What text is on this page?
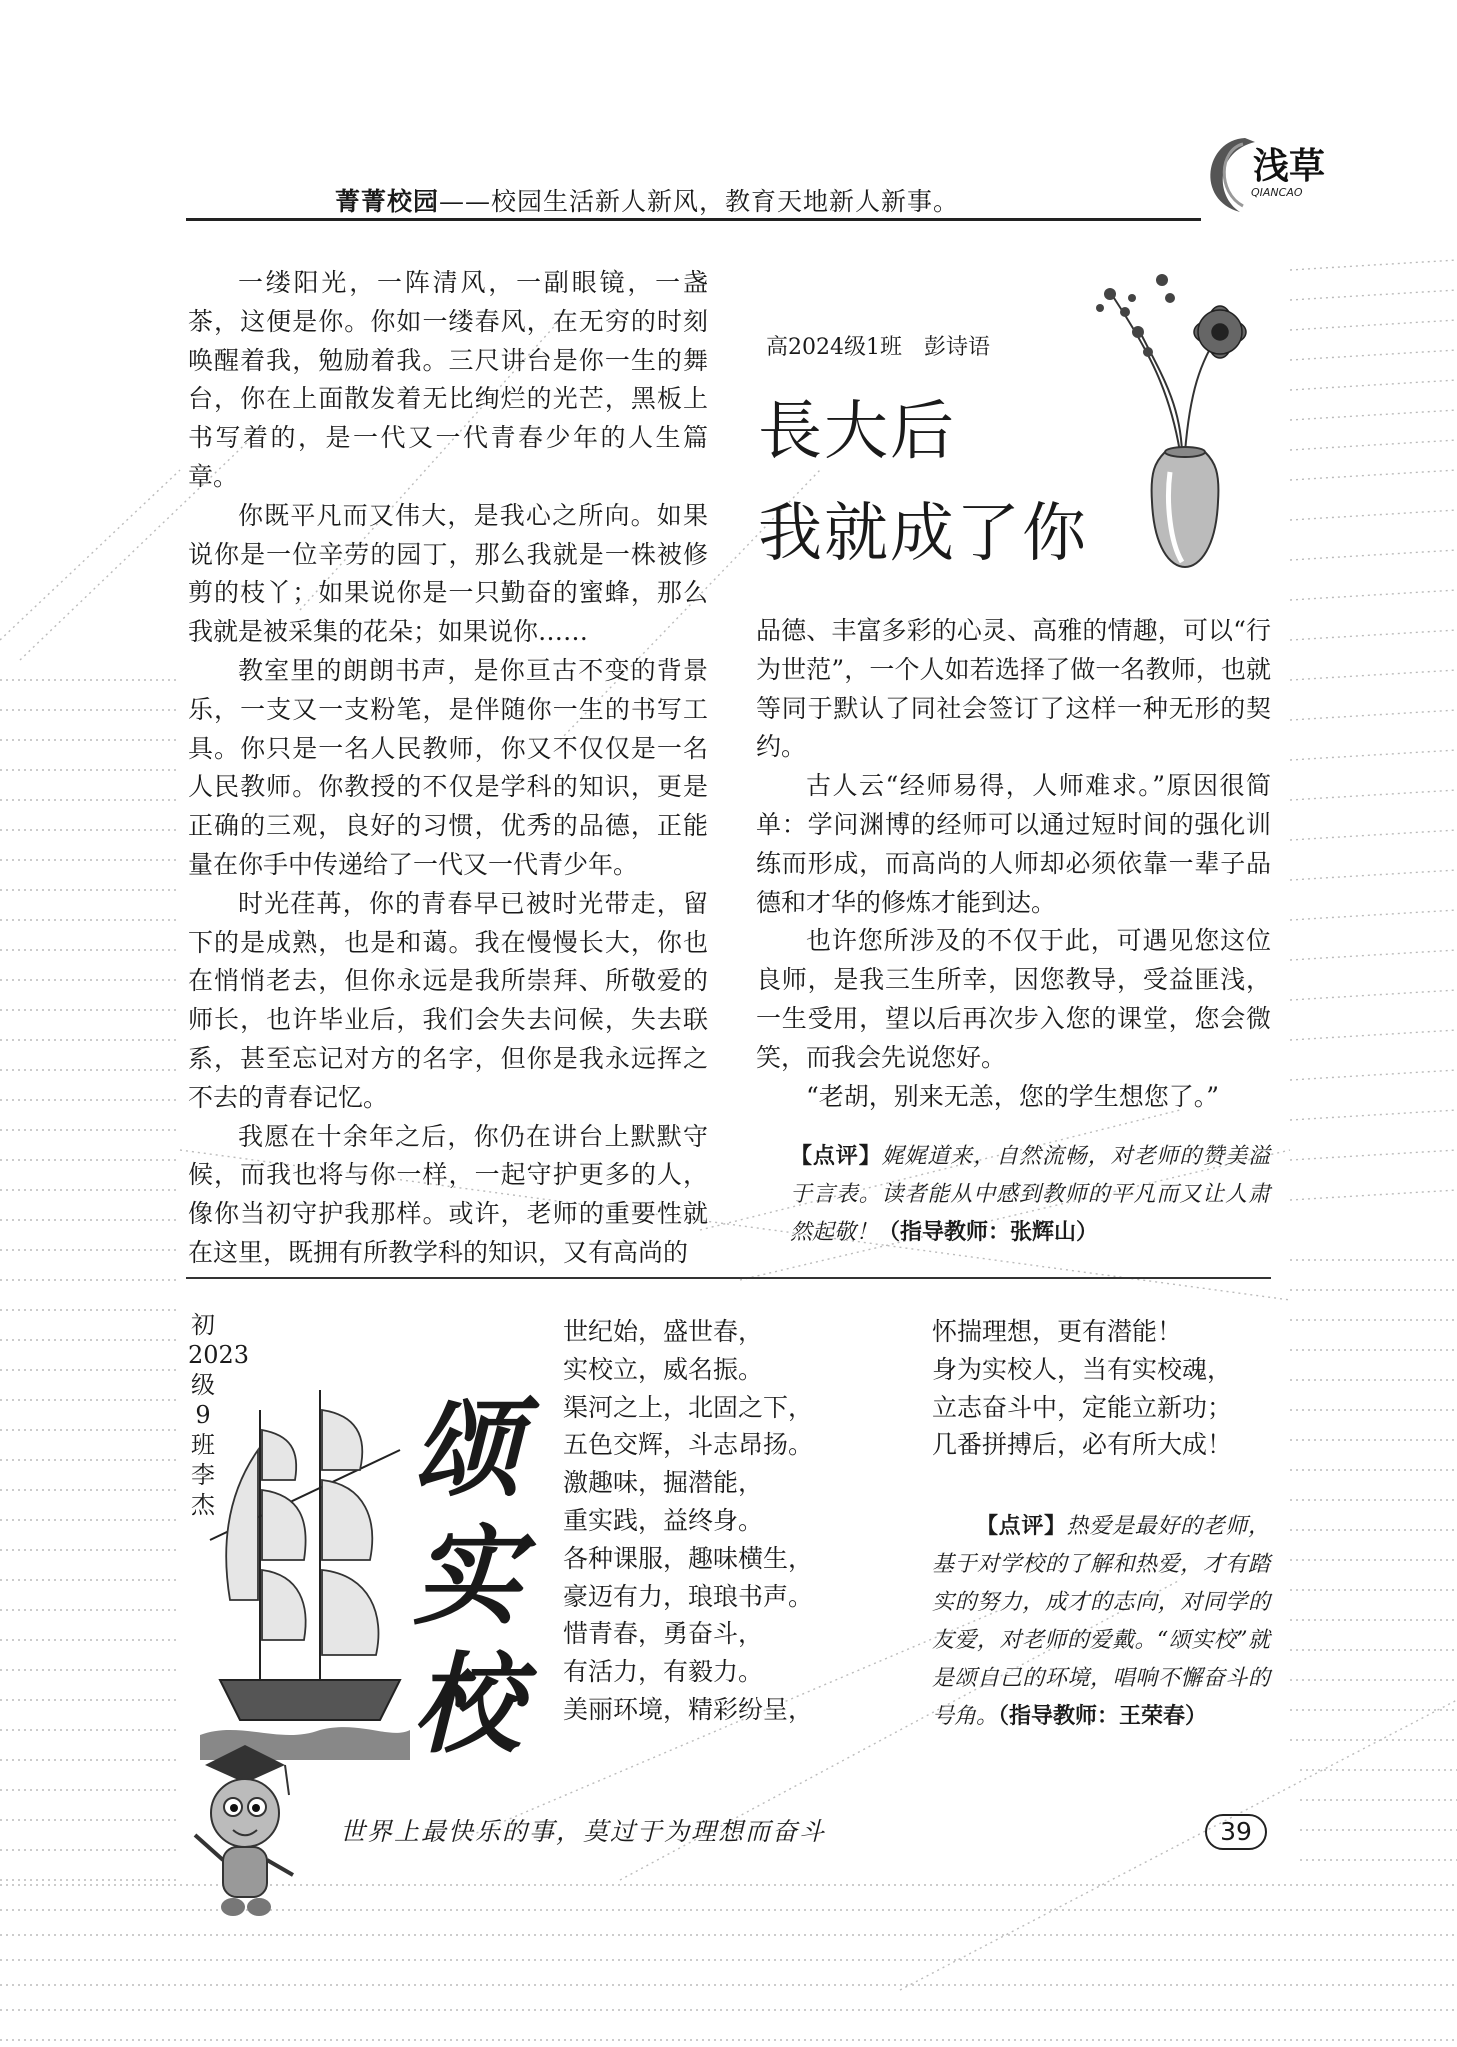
菁菁校园——校园生活新人新风，教育天地新人新事。
浅草
QIANCAO

一缕阳光，一阵清风，一副眼镜，一盏茶，这便是你。你如一缕春风，在无穷的时刻唤醒着我，勉励着我。三尺讲台是你一生的舞台，你在上面散发着无比绚烂的光芒，黑板上书写着的，是一代又一代青春少年的人生篇章。

你既平凡而又伟大，是我心之所向。如果说你是一位辛劳的园丁，那么我就是一株被修剪的枝丫；如果说你是一只勤奋的蜜蜂，那么我就是被采集的花朵；如果说你……

教室里的朗朗书声，是你亘古不变的背景乐，一支又一支粉笔，是伴随你一生的书写工具。你只是一名人民教师，你又不仅仅是一名人民教师。你教授的不仅是学科的知识，更是正确的三观，良好的习惯，优秀的品德，正能量在你手中传递给了一代又一代青少年。

时光荏苒，你的青春早已被时光带走，留下的是成熟，也是和蔼。我在慢慢长大，你也在悄悄老去，但你永远是我所崇拜、所敬爱的师长，也许毕业后，我们会失去问候，失去联系，甚至忘记对方的名字，但你是我永远挥之不去的青春记忆。

我愿在十余年之后，你仍在讲台上默默守候，而我也将与你一样，一起守护更多的人，像你当初守护我那样。或许，老师的重要性就在这里，既拥有所教学科的知识，又有高尚的

高2024级1班　彭诗语
長大后
我就成了你

品德、丰富多彩的心灵、高雅的情趣，可以“行为世范”，一个人如若选择了做一名教师，也就等同于默认了同社会签订了这样一种无形的契约。

古人云“经师易得，人师难求。”原因很简单：学问渊博的经师可以通过短时间的强化训练而形成，而高尚的人师却必须依靠一辈子品德和才华的修炼才能到达。

也许您所涉及的不仅于此，可遇见您这位良师，是我三生所幸，因您教导，受益匪浅，一生受用，望以后再次步入您的课堂，您会微笑，而我会先说您好。

“老胡，别来无恙，您的学生想您了。”

【点评】娓娓道来，自然流畅，对老师的赞美溢于言表。读者能从中感到教师的平凡而又让人肃然起敬！（指导教师：张辉山）
初2023级9班　李　杰 颂实校
世纪始，盛世春，
实校立，威名振。
渠河之上，北固之下，
五色交辉，斗志昂扬。
激趣味，掘潜能，
重实践，益终身。
各种课服，趣味横生，
豪迈有力，琅琅书声。
惜青春，勇奋斗，
有活力，有毅力。
美丽环境，精彩纷呈，
怀揣理想，更有潜能！
身为实校人，当有实校魂，
立志奋斗中，定能立新功；
几番拼搏后，必有所大成！
【点评】热爱是最好的老师，基于对学校的了解和热爱，才有踏实的努力，成才的志向，对同学的友爱，对老师的爱戴。“颂实校”就是颂自己的环境，唱响不懈奋斗的号角。（指导教师：王荣春）
世界上最快乐的事，莫过于为理想而奋斗	39
